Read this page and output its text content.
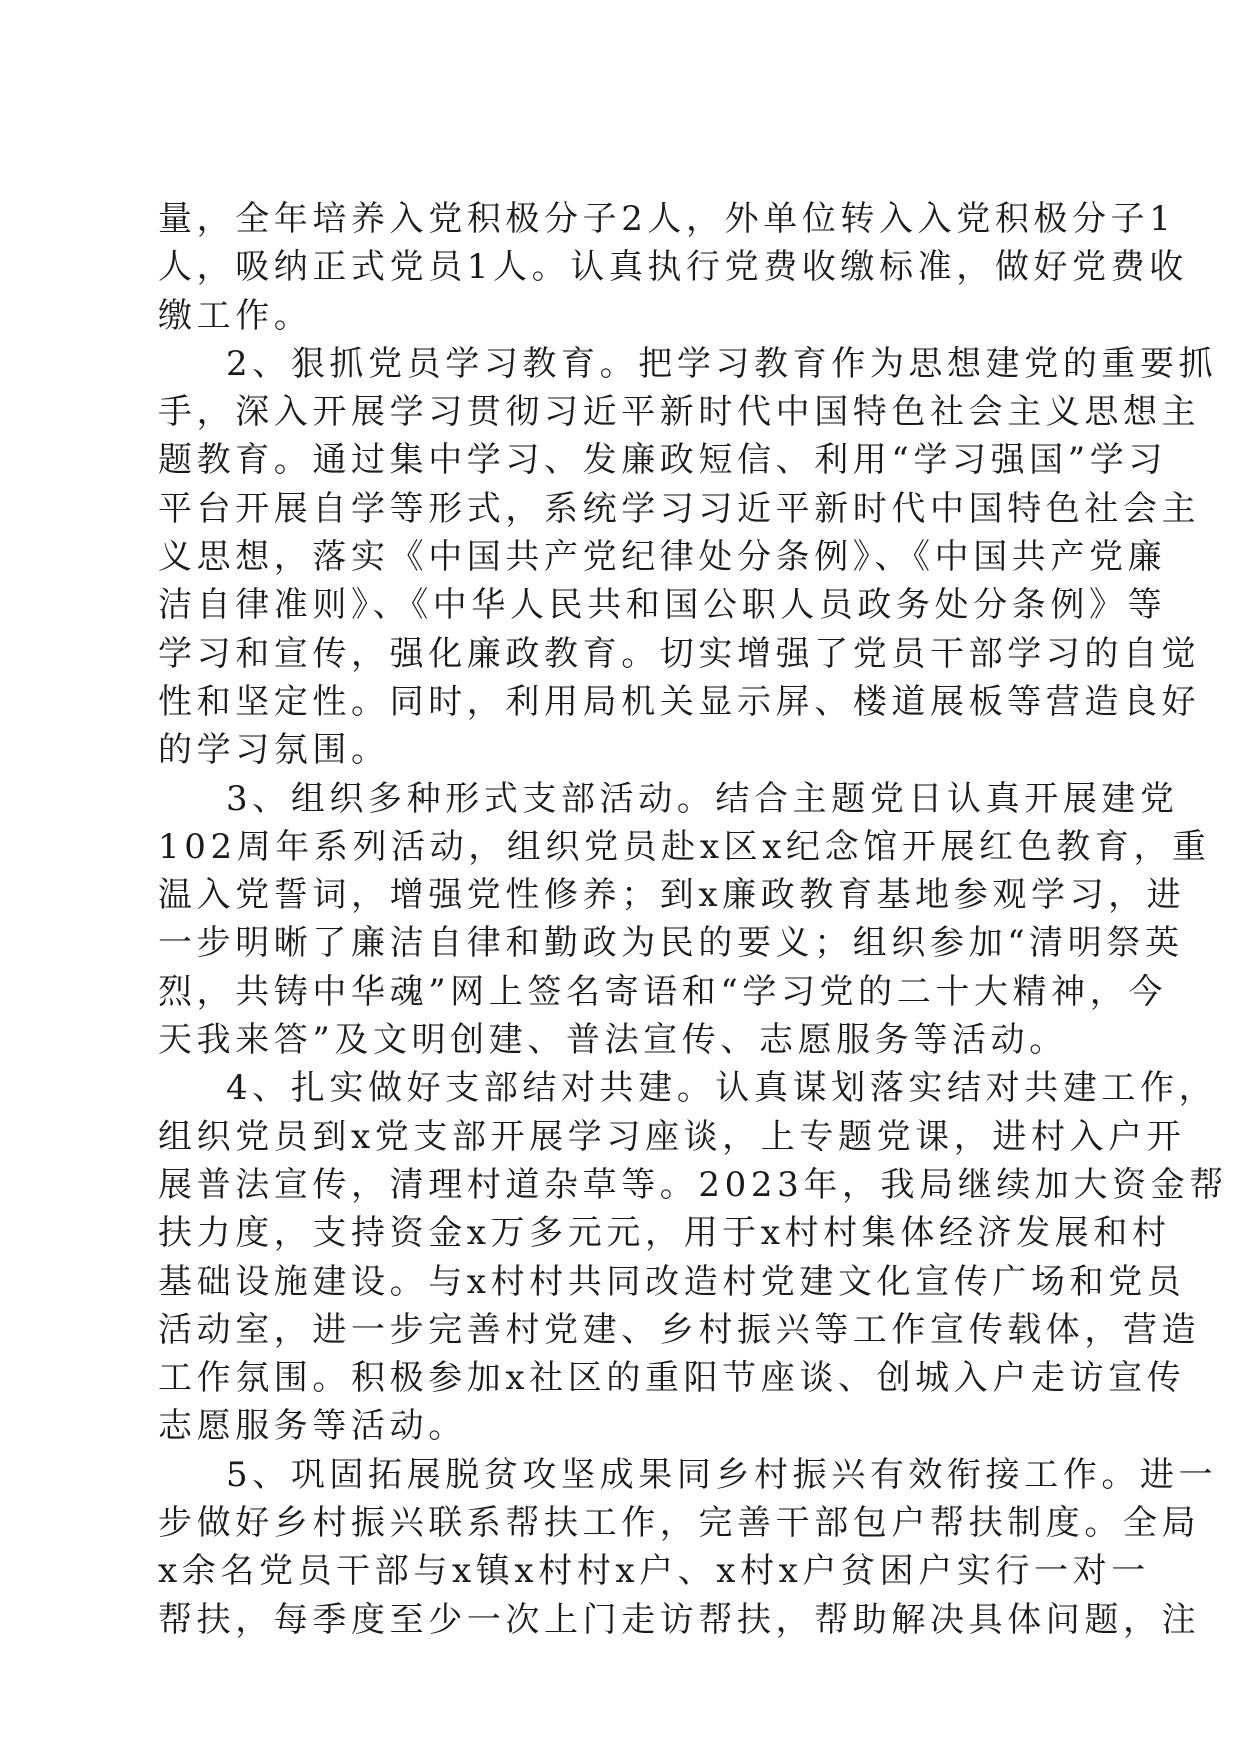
量，全年培养入党积极分子2人，外单位转入入党积极分子1
人，吸纳正式党员1人。认真执行党费收缴标准，做好党费收
缴工作。
2、狠抓党员学习教育。把学习教育作为思想建党的重要抓
手，深入开展学习贯彻习近平新时代中国特色社会主义思想主
题教育。通过集中学习、发廉政短信、利用“学习强国”学习
平台开展自学等形式，系统学习习近平新时代中国特色社会主
义思想，落实《中国共产党纪律处分条例》、《中国共产党廉
洁自律准则》、《中华人民共和国公职人员政务处分条例》等
学习和宣传，强化廉政教育。切实增强了党员干部学习的自觉
性和坚定性。同时，利用局机关显示屏、楼道展板等营造良好
的学习氛围。
3、组织多种形式支部活动。结合主题党日认真开展建党
102周年系列活动，组织党员赴x区x纪念馆开展红色教育，重
温入党誓词，增强党性修养；到x廉政教育基地参观学习，进
一步明晰了廉洁自律和勤政为民的要义；组织参加“清明祭英
烈，共铸中华魂”网上签名寄语和“学习党的二十大精神，今
天我来答”及文明创建、普法宣传、志愿服务等活动。
4、扎实做好支部结对共建。认真谋划落实结对共建工作，
组织党员到x党支部开展学习座谈，上专题党课，进村入户开
展普法宣传，清理村道杂草等。2023年，我局继续加大资金帮
扶力度，支持资金x万多元元，用于x村村集体经济发展和村
基础设施建设。与x村村共同改造村党建文化宣传广场和党员
活动室，进一步完善村党建、乡村振兴等工作宣传载体，营造
工作氛围。积极参加x社区的重阳节座谈、创城入户走访宣传
志愿服务等活动。
5、巩固拓展脱贫攻坚成果同乡村振兴有效衔接工作。进一
步做好乡村振兴联系帮扶工作，完善干部包户帮扶制度。全局
x余名党员干部与x镇x村村x户、x村x户贫困户实行一对一
帮扶，每季度至少一次上门走访帮扶，帮助解决具体问题，注
